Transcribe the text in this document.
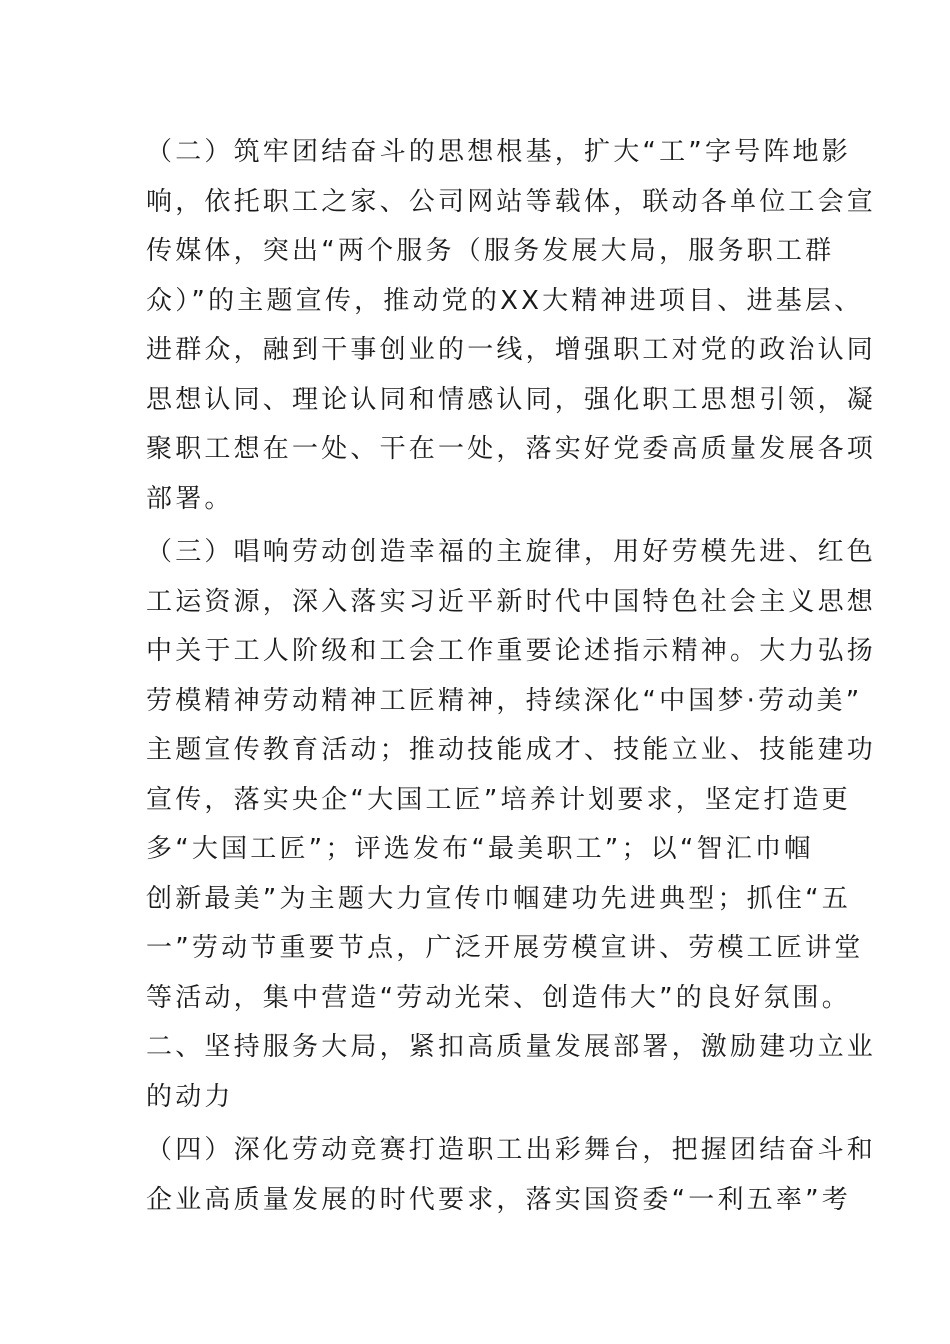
（二）筑牢团结奋斗的思想根基，扩大“工”字号阵地影
响，依托职工之家、公司网站等载体，联动各单位工会宣
传媒体，突出“两个服务（服务发展大局，服务职工群
众）”的主题宣传，推动党的XX大精神进项目、进基层、
进群众，融到干事创业的一线，增强职工对党的政治认同
思想认同、理论认同和情感认同，强化职工思想引领，凝
聚职工想在一处、干在一处，落实好党委高质量发展各项
部署。
（三）唱响劳动创造幸福的主旋律，用好劳模先进、红色
工运资源，深入落实习近平新时代中国特色社会主义思想
中关于工人阶级和工会工作重要论述指示精神。大力弘扬
劳模精神劳动精神工匠精神，持续深化“中国梦·劳动美”
主题宣传教育活动；推动技能成才、技能立业、技能建功
宣传，落实央企“大国工匠”培养计划要求，坚定打造更
多“大国工匠”；评选发布“最美职工”；以“智汇巾帼
创新最美”为主题大力宣传巾帼建功先进典型；抓住“五
一”劳动节重要节点，广泛开展劳模宣讲、劳模工匠讲堂
等活动，集中营造“劳动光荣、创造伟大”的良好氛围。
二、坚持服务大局，紧扣高质量发展部署，激励建功立业
的动力
（四）深化劳动竞赛打造职工出彩舞台，把握团结奋斗和
企业高质量发展的时代要求，落实国资委“一利五率”考
